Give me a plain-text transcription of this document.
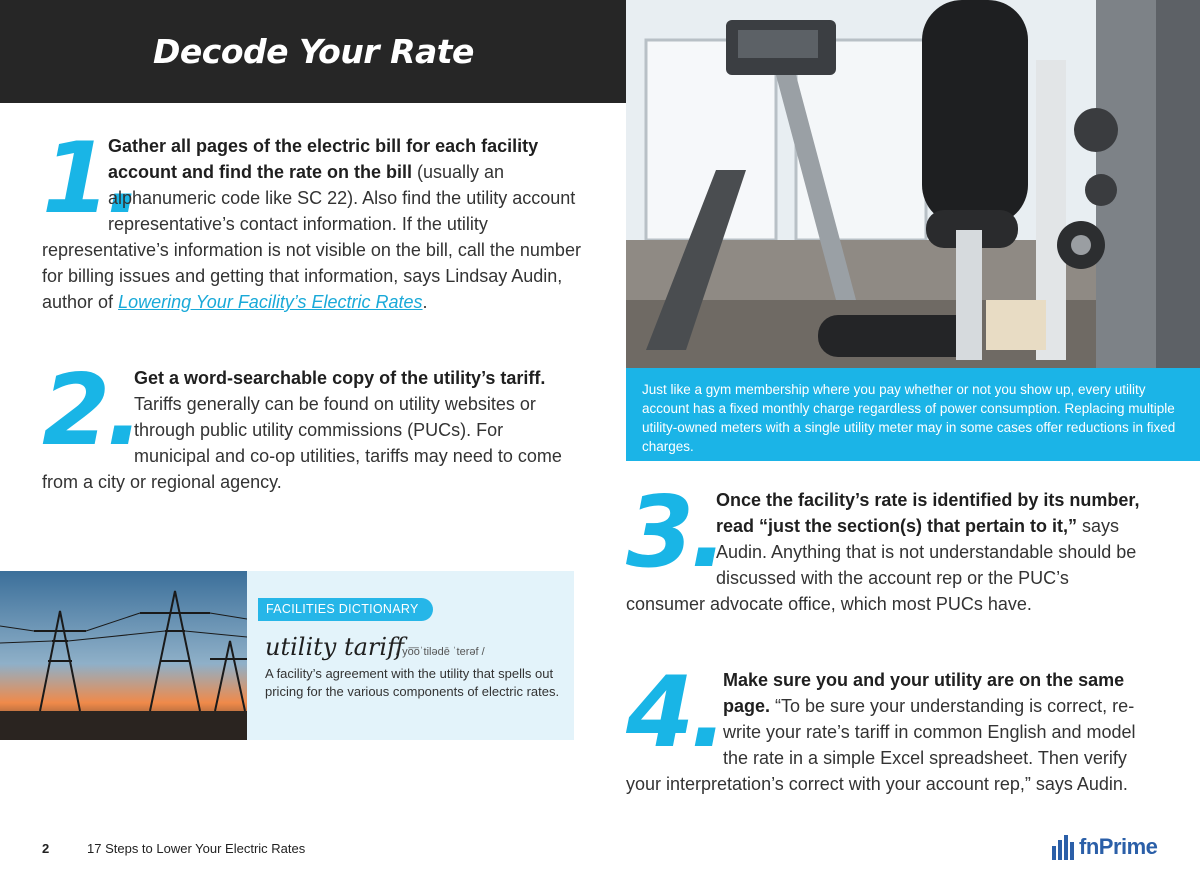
Decode Your Rate
1.
Gather all pages of the electric bill for each facility account and find the rate on the bill (usually an alphanumeric code like SC 22). Also find the utility account representative’s contact information. If the utility representative’s information is not visible on the bill, call the number for billing issues and getting that information, says Lindsay Audin, author of Lowering Your Facility’s Electric Rates.
2.
Get a word-searchable copy of the utility’s tariff. Tariffs generally can be found on utility websites or through public utility commissions (PUCs). For municipal and co-op utilities, tariffs may need to come from a city or regional agency.
Just like a gym membership where you pay whether or not you show up, every utility account has a fixed monthly charge regardless of power consumption. Replacing multiple utility-owned meters with a single utility meter may in some cases offer reductions in fixed charges.
3.
Once the facility’s rate is identified by its number, read “just the section(s) that pertain to it,” says Audin. Anything that is not understandable should be discussed with the account rep or the PUC’s consumer advocate office, which most PUCs have.
FACILITIES DICTIONARY
utility tariff
/ yo͞oˈtilədē ˈterəf /
A facility’s agreement with the utility that spells out pricing for the various components of electric rates. 4. Make sure you and your utility are on the same page. “To be sure your understanding is correct, re-write your rate’s tariff in common English and model the rate in a simple Excel spreadsheet. Then verify your interpretation’s correct with your account rep,” says Audin.
2	17 Steps to Lower Your Electric Rates	fnPrime
